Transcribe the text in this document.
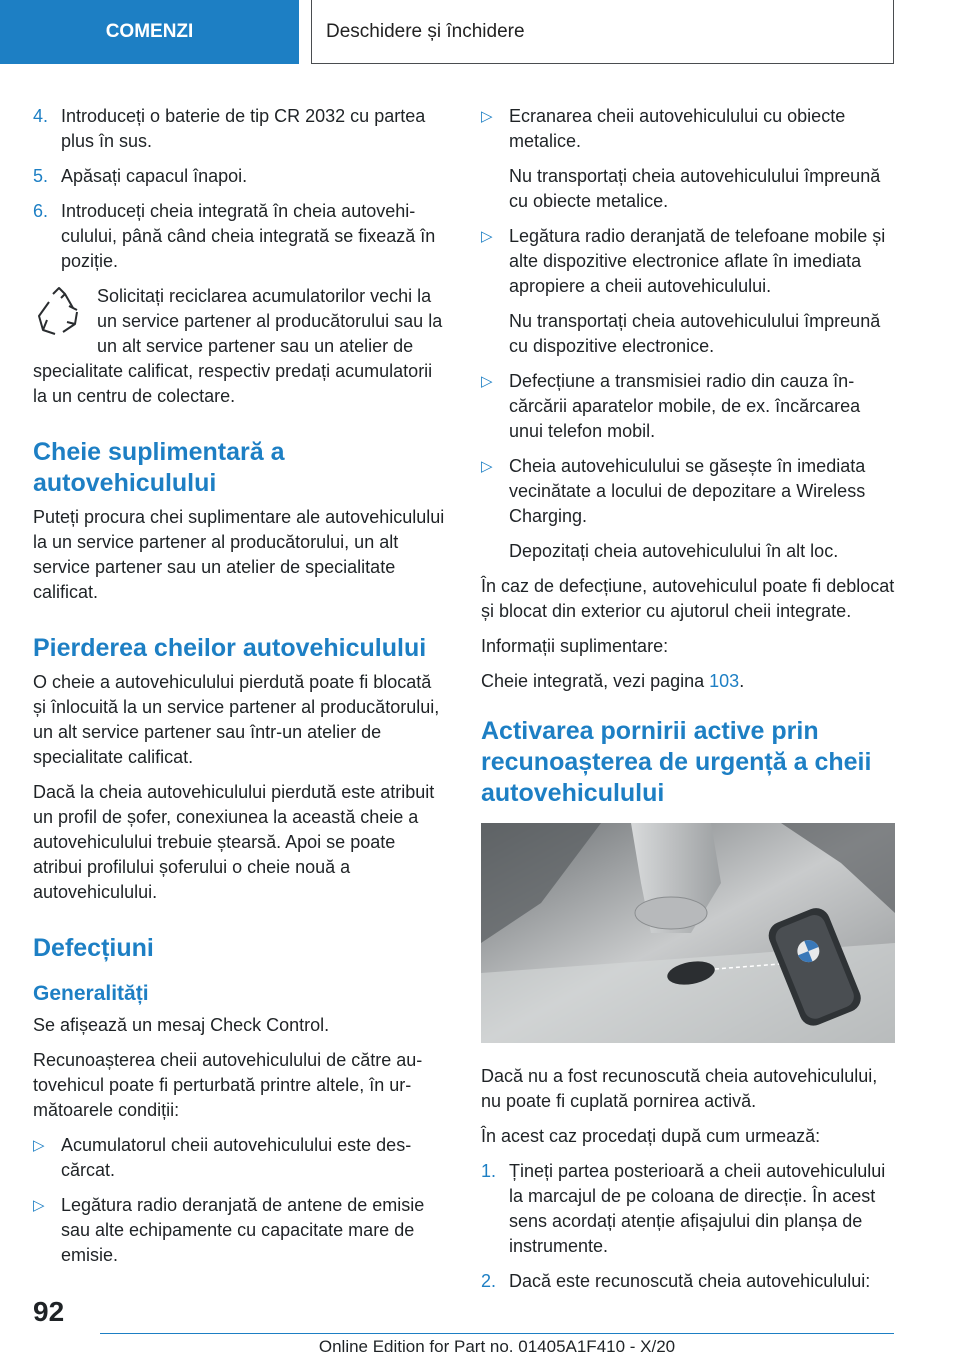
COMENZI	Deschidere și închidere
4. Introduceți o baterie de tip CR 2032 cu partea plus în sus.
5. Apăsați capacul înapoi.
6. Introduceți cheia integrată în cheia autovehiculului, până când cheia integrată se fixează în poziție.

Solicitați reciclarea acumulatorilor vechi la un service partener al producătorului sau la un alt service partener sau un atelier de specialitate calificat, respectiv predați acumulatorii la un centru de colectare.

Cheie suplimentară a autovehiculului

Puteți procura chei suplimentare ale autovehiculului la un service partener al producătorului, un alt service partener sau un atelier de specialitate calificat.

Pierderea cheilor autovehiculului

O cheie a autovehiculului pierdută poate fi blocată și înlocuită la un service partener al producătorului, un alt service partener sau într-un atelier de specialitate calificat.

Dacă la cheia autovehiculului pierdută este atribuit un profil de șofer, conexiunea la această cheie a autovehiculului trebuie ștearsă. Apoi se poate atribui profilului șoferului o cheie nouă a autovehiculului.

Defecțiuni
Generalități

Se afișează un mesaj Check Control.

Recunoașterea cheii autovehiculului de către autovehicul poate fi perturbată printre altele, în următoarele condiții:

▷ Acumulatorul cheii autovehiculului este descărcat.
▷ Legătura radio deranjată de antene de emisie sau alte echipamente cu capacitate mare de emisie.
▷ Ecranarea cheii autovehiculului cu obiecte metalice.

Nu transportați cheia autovehiculului împreună cu obiecte metalice.

▷ Legătura radio deranjată de telefoane mobile și alte dispozitive electronice aflate în imediata apropiere a cheii autovehiculului.

Nu transportați cheia autovehiculului împreună cu dispozitive electronice.

▷ Defecțiune a transmisiei radio din cauza încărcării aparatelor mobile, de ex. încărcarea unui telefon mobil.
▷ Cheia autovehiculului se găsește în imediata vecinătate a locului de depozitare a Wireless Charging.

Depozitați cheia autovehiculului în alt loc.

În caz de defecțiune, autovehiculul poate fi deblocat și blocat din exterior cu ajutorul cheii integrate.

Informații suplimentare:

Cheie integrată, vezi pagina 103.

Activarea pornirii active prin recunoașterea de urgență a cheii autovehiculului

Dacă nu a fost recunoscută cheia autovehiculului, nu poate fi cuplată pornirea activă.

În acest caz procedați după cum urmează:

1. Țineți partea posterioară a cheii autovehiculului la marcajul de pe coloana de direcție. În acest sens acordați atenție afișajului din planșa de instrumente.
2. Dacă este recunoscută cheia autovehiculului:
92
Online Edition for Part no. 01405A1F410 - X/20
